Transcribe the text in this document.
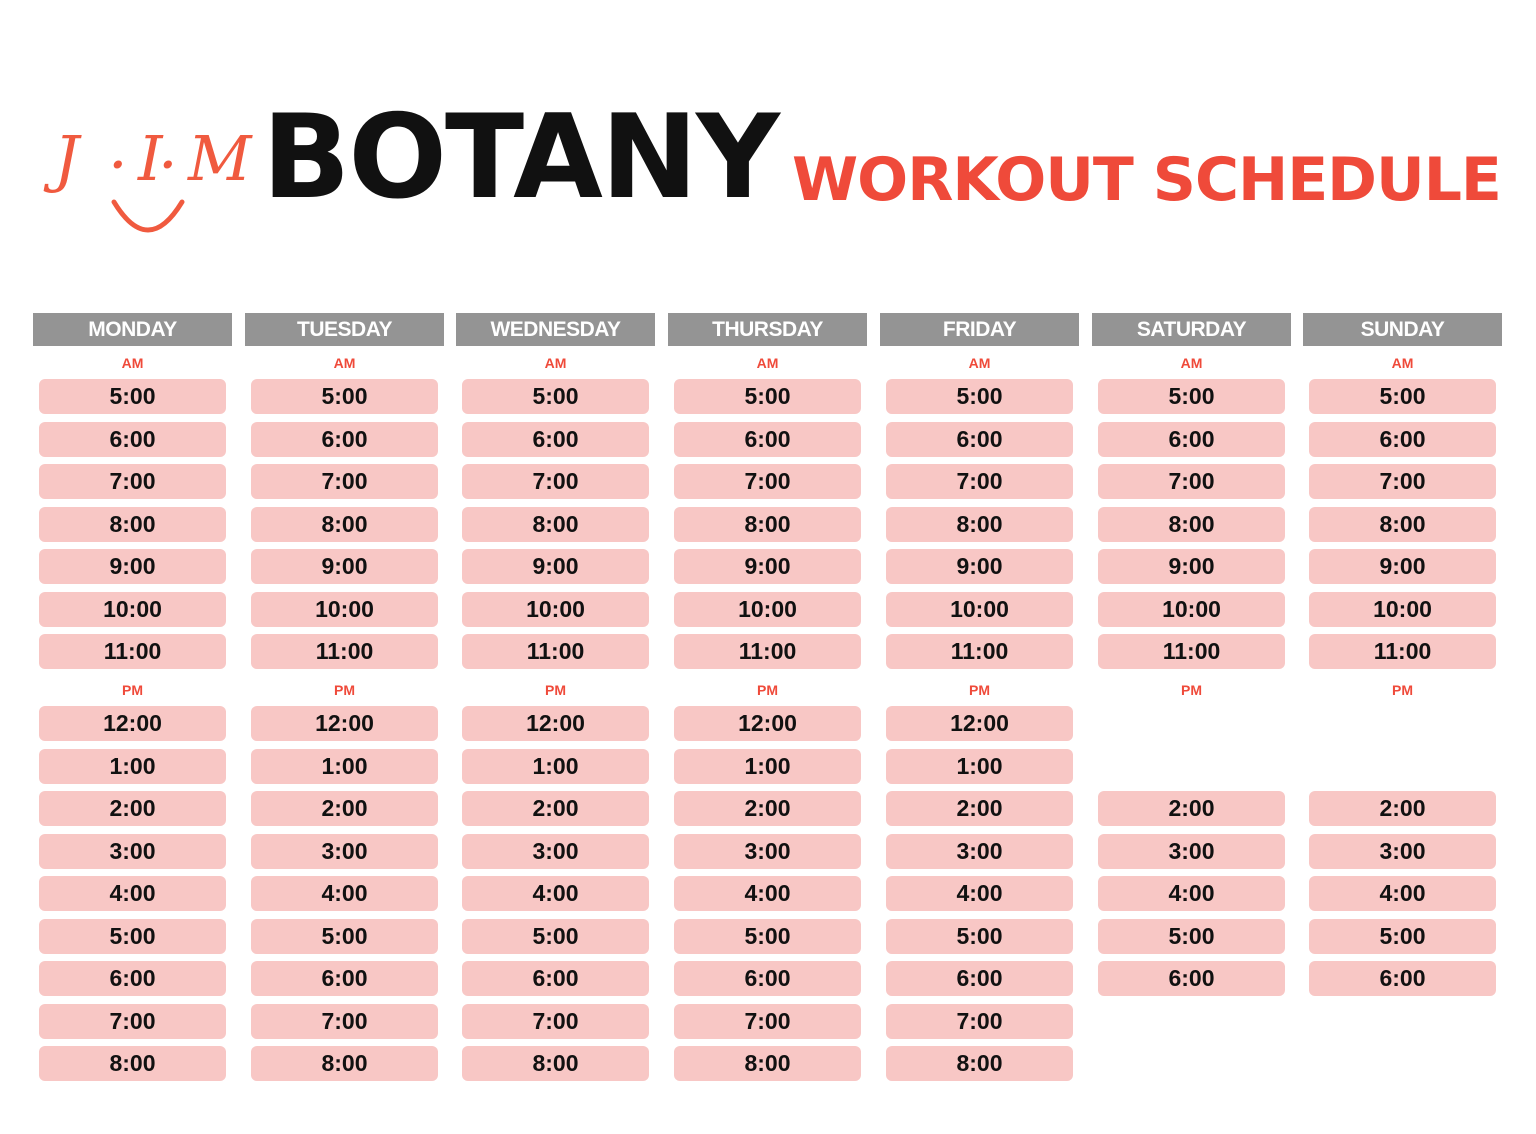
J · I
· M BOTANY WORKOUT SCHEDULE
MONDAY
AM
5:00
6:00
7:00
8:00
9:00
10:00
11:00
PM
12:00
1:00
2:00
3:00
4:00
5:00
6:00
7:00
8:00
TUESDAY
AM
5:00
6:00
7:00
8:00
9:00
10:00
11:00
PM
12:00
1:00
2:00
3:00
4:00
5:00
6:00
7:00
8:00
WEDNESDAY
AM
5:00
6:00
7:00
8:00
9:00
10:00
11:00
PM
12:00
1:00
2:00
3:00
4:00
5:00
6:00
7:00
8:00
THURSDAY
AM
5:00
6:00
7:00
8:00
9:00
10:00
11:00
PM
12:00
1:00
2:00
3:00
4:00
5:00
6:00
7:00
8:00
FRIDAY
AM
5:00
6:00
7:00
8:00
9:00
10:00
11:00
PM
12:00
1:00
2:00
3:00
4:00
5:00
6:00
7:00
8:00
SATURDAY
AM
5:00
6:00
7:00
8:00
9:00
10:00
11:00
PM
2:00
3:00
4:00
5:00
6:00
SUNDAY
AM
5:00
6:00
7:00
8:00
9:00
10:00
11:00
PM
2:00
3:00
4:00
5:00
6:00
